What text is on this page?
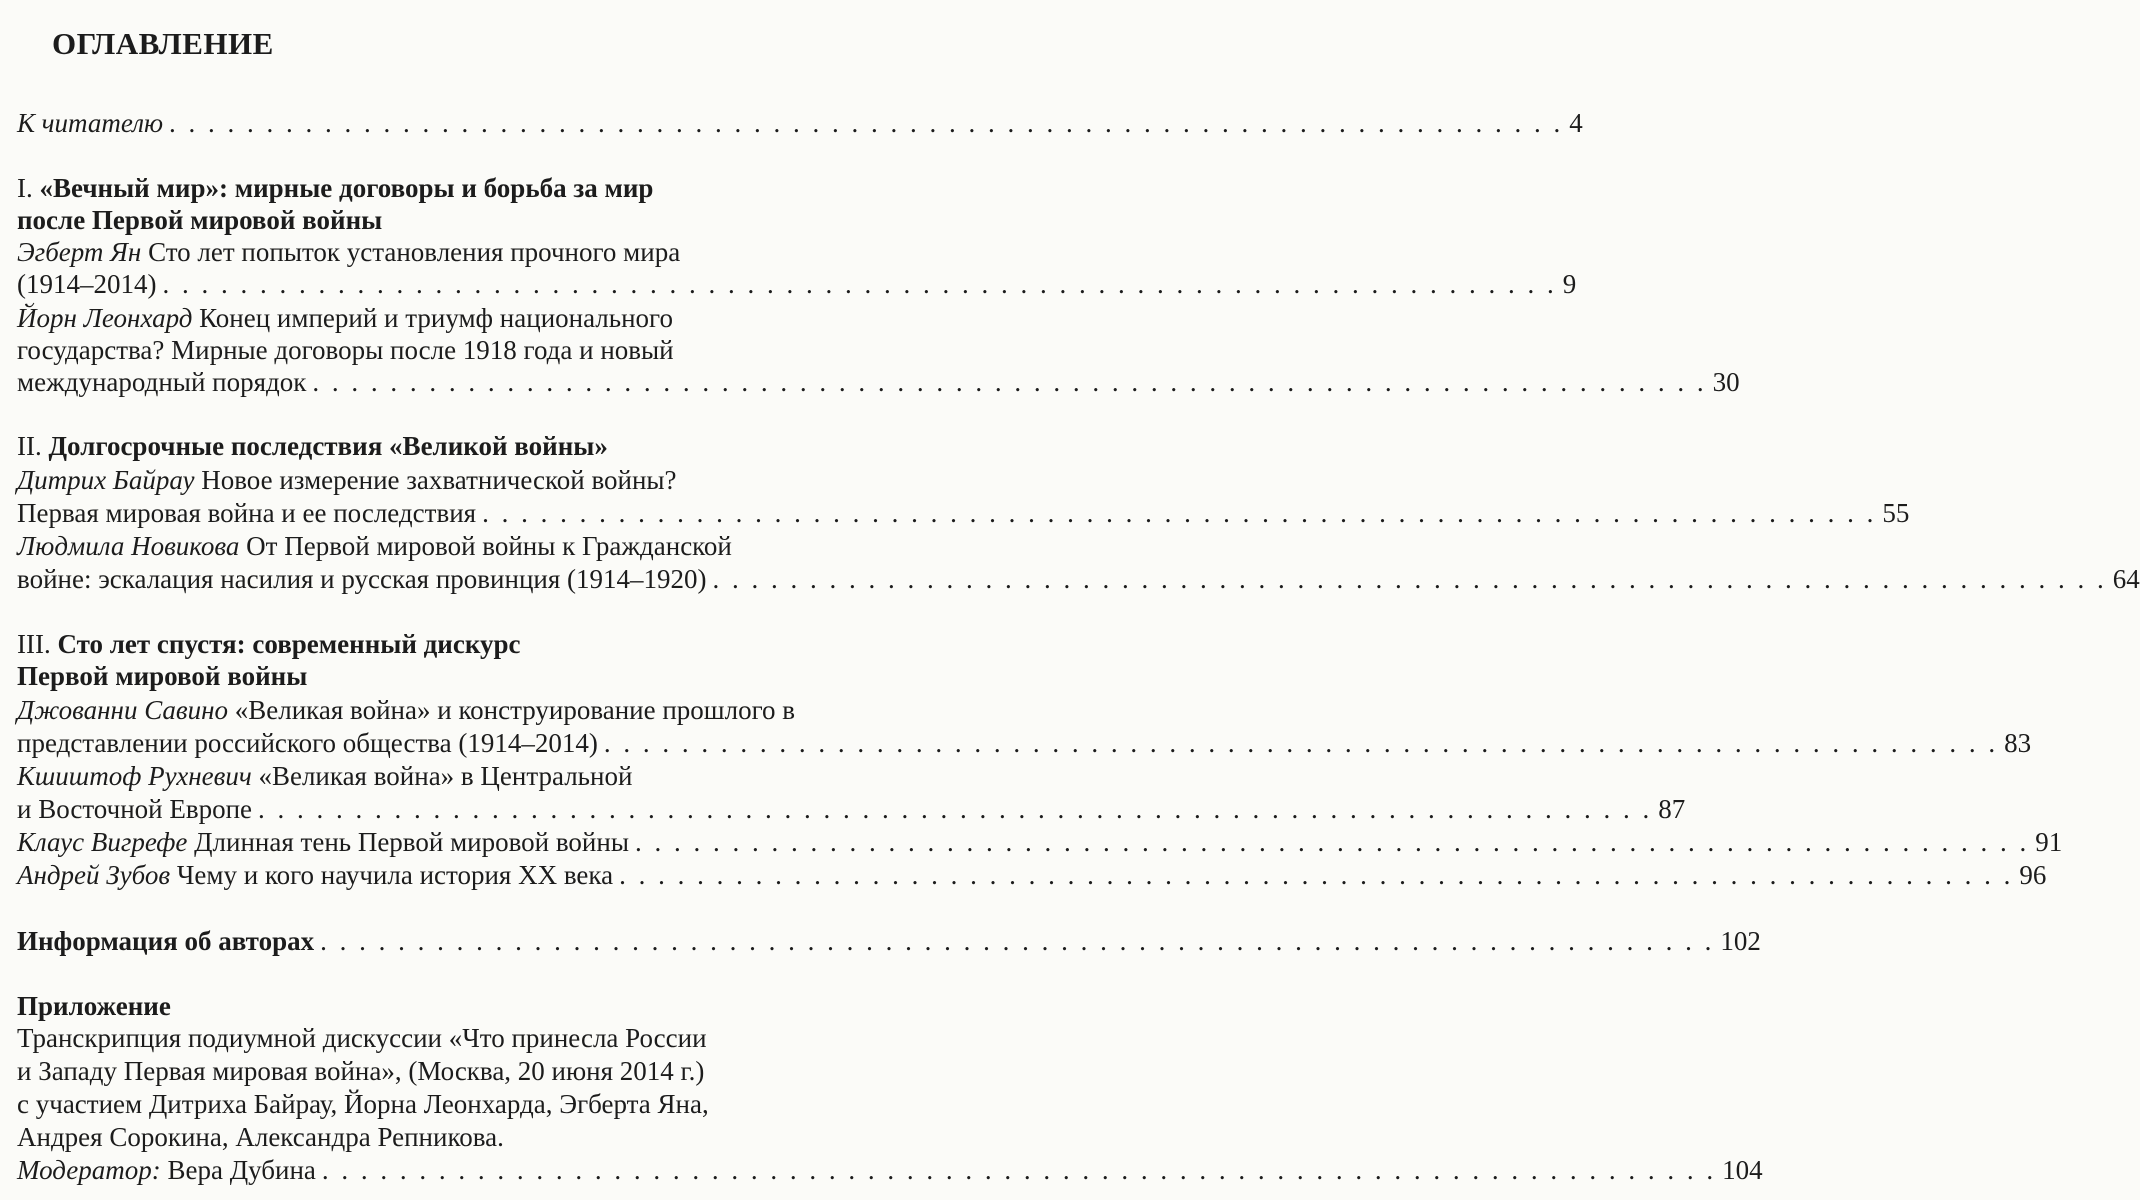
ОГЛАВЛЕНИЕ
К читателю . . . . . . . . . . . . . . . . . . . . . . . . . . . . . . . . . . . . . . . . . . . . . . . . . . . . . . . . . . . . . . . . . . . . . . . . 4
I. «Вечный мир»: мирные договоры и борьба за мир
после Первой мировой войны
Эгберт Ян Сто лет попыток установления прочного мира
(1914–2014) . . . . . . . . . . . . . . . . . . . . . . . . . . . . . . . . . . . . . . . . . . . . . . . . . . . . . . . . . . . . . . . . . . . . . . . . 9
Йорн Леонхард Конец империй и триумф национального
государства? Мирные договоры после 1918 года и новый
международный порядок . . . . . . . . . . . . . . . . . . . . . . . . . . . . . . . . . . . . . . . . . . . . . . . . . . . . . . . . . . . . . . . . . . . . . . . . 30
II. Долгосрочные последствия «Великой войны»
Дитрих Байрау Новое измерение захватнической войны?
Первая мировая война и ее последствия . . . . . . . . . . . . . . . . . . . . . . . . . . . . . . . . . . . . . . . . . . . . . . . . . . . . . . . . . . . . . . . . . . . . . . . . 55
Людмила Новикова От Первой мировой войны к Гражданской
войне: эскалация насилия и русская провинция (1914–1920) . . . . . . . . . . . . . . . . . . . . . . . . . . . . . . . . . . . . . . . . . . . . . . . . . . . . . . . . . . . . . . . . . . . . . . . . 64
III. Сто лет спустя: современный дискурс
Первой мировой войны
Джованни Савино «Великая война» и конструирование прошлого в
представлении российского общества (1914–2014) . . . . . . . . . . . . . . . . . . . . . . . . . . . . . . . . . . . . . . . . . . . . . . . . . . . . . . . . . . . . . . . . . . . . . . . . 83
Кшиштоф Рухневич «Великая война» в Центральной
и Восточной Европе . . . . . . . . . . . . . . . . . . . . . . . . . . . . . . . . . . . . . . . . . . . . . . . . . . . . . . . . . . . . . . . . . . . . . . . . 87
Клаус Вигрефе Длинная тень Первой мировой войны . . . . . . . . . . . . . . . . . . . . . . . . . . . . . . . . . . . . . . . . . . . . . . . . . . . . . . . . . . . . . . . . . . . . . . . . 91
Андрей Зубов Чему и кого научила история XX века . . . . . . . . . . . . . . . . . . . . . . . . . . . . . . . . . . . . . . . . . . . . . . . . . . . . . . . . . . . . . . . . . . . . . . . . 96
Информация об авторах . . . . . . . . . . . . . . . . . . . . . . . . . . . . . . . . . . . . . . . . . . . . . . . . . . . . . . . . . . . . . . . . . . . . . . . . 102
Приложение
Транскрипция подиумной дискуссии «Что принесла России
и Западу Первая мировая война», (Москва, 20 июня 2014 г.)
с участием Дитриха Байрау, Йорна Леонхарда, Эгберта Яна,
Андрея Сорокина, Александра Репникова.
Модератор: Вера Дубина . . . . . . . . . . . . . . . . . . . . . . . . . . . . . . . . . . . . . . . . . . . . . . . . . . . . . . . . . . . . . . . . . . . . . . . . 104
